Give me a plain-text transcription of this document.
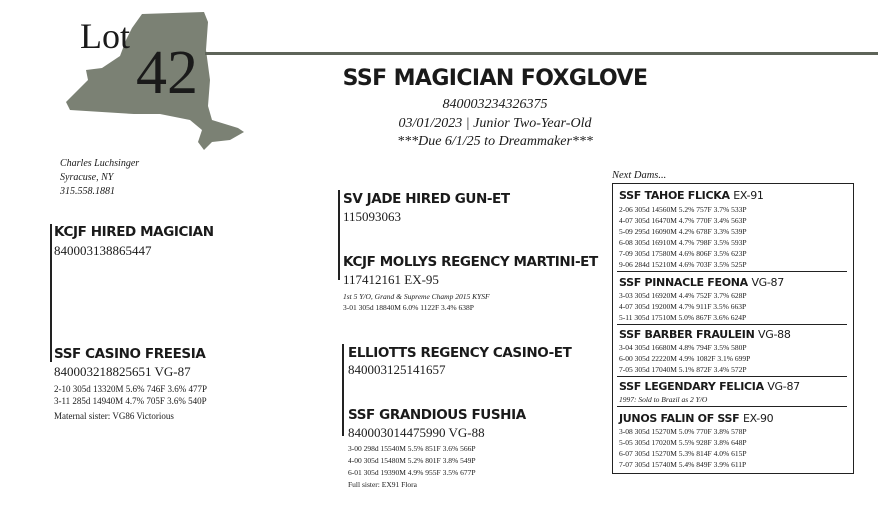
Lot
42	SSF MAGICIAN FOXGLOVE
840003234326375
03/01/2023 | Junior Two-Year-Old
***Due 6/1/25 to Dreammaker***
Charles Luchsinger
Syracuse, NY
315.558.1881
KCJF HIRED MAGICIAN
840003138865447
SSF CASINO FREESIA
840003218825651 VG-87
2-10 305d 13320M 5.6% 746F 3.6% 477P
3-11 285d 14940M 4.7% 705F 3.6% 540P
Maternal sister: VG86 Victorious
SV JADE HIRED GUN-ET
115093063
KCJF MOLLYS REGENCY MARTINI-ET
117412161 EX-95
1st 5 Y/O, Grand & Supreme Champ 2015 KYSF
3-01 305d 18840M 6.0% 1122F 3.4% 638P
ELLIOTTS REGENCY CASINO-ET
840003125141657
SSF GRANDIOUS FUSHIA
840003014475990 VG-88
3-00 298d 15540M 5.5% 851F 3.6% 566P
4-00 305d 15480M 5.2% 801F 3.8% 549P
6-01 305d 19390M 4.9% 955F 3.5% 677P
Full sister: EX91 Flora
Next Dams...
SSF TAHOE FLICKA EX-91
2-06 305d 14560M 5.2% 757F 3.7% 533P
4-07 305d 16470M 4.7% 770F 3.4% 563P
5-09 295d 16090M 4.2% 678F 3.3% 539P
6-08 305d 16910M 4.7% 798F 3.5% 593P
7-09 305d 17580M 4.6% 806F 3.5% 623P
9-06 284d 15210M 4.6% 703F 3.5% 525P
SSF PINNACLE FEONA VG-87
3-03 305d 16920M 4.4% 752F 3.7% 628P
4-07 305d 19200M 4.7% 911F 3.5% 663P
5-11 305d 17510M 5.0% 867F 3.6% 624P
SSF BARBER FRAULEIN VG-88
3-04 305d 16680M 4.8% 794F 3.5% 580P
6-00 305d 22220M 4.9% 1082F 3.1% 699P
7-05 305d 17040M 5.1% 872F 3.4% 572P
SSF LEGENDARY FELICIA VG-87
1997: Sold to Brazil as 2 Y/O
JUNOS FALIN OF SSF EX-90
3-08 305d 15270M 5.0% 770F 3.8% 578P
5-05 305d 17020M 5.5% 928F 3.8% 648P
6-07 305d 15270M 5.3% 814F 4.0% 615P
7-07 305d 15740M 5.4% 849F 3.9% 611P
